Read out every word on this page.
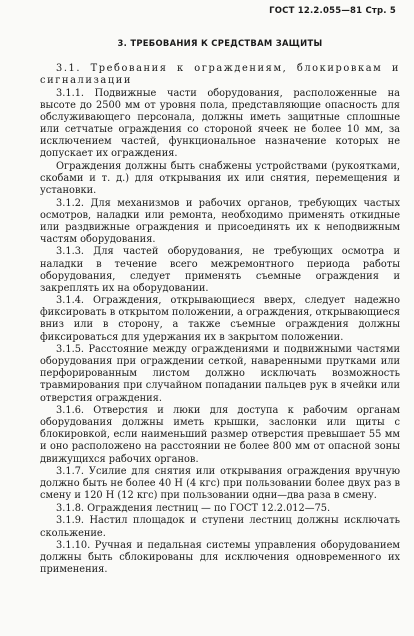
ГОСТ 12.2.055—81 Стр. 5
3. ТРЕБОВАНИЯ К СРЕДСТВАМ ЗАЩИТЫ

3.1. Требования к ограждениям, блокировкам и сигнализации

3.1.1. Подвижные части оборудования, расположенные на высоте до 2500 мм от уровня пола, представляющие опасность для обслуживающего персонала, должны иметь защитные сплошные или сетчатые ограждения со стороной ячеек не более 10 мм, за исключением частей, функциональное назначение которых не допускает их ограждения.

Ограждения должны быть снабжены устройствами (рукоятками, скобами и т. д.) для открывания их или снятия, перемещения и установки.

3.1.2. Для механизмов и рабочих органов, требующих частых осмотров, наладки или ремонта, необходимо применять откидные или раздвижные ограждения и присоединять их к неподвижным частям оборудования.

3.1.3. Для частей оборудования, не требующих осмотра и наладки в течение всего межремонтного периода работы оборудования, следует применять съемные ограждения и закреплять их на оборудовании.

3.1.4. Ограждения, открывающиеся вверх, следует надежно фиксировать в открытом положении, а ограждения, открывающиеся вниз или в сторону, а также съемные ограждения должны фиксироваться для удержания их в закрытом положении.

3.1.5. Расстояние между ограждениями и подвижными частями оборудования при ограждении сеткой, наваренными прутками или перфорированным листом должно исключать возможность травмирования при случайном попадании пальцев рук в ячейки или отверстия ограждения.

3.1.6. Отверстия и люки для доступа к рабочим органам оборудования должны иметь крышки, заслонки или щиты с блокировкой, если наименьший размер отверстия превышает 55 мм и оно расположено на расстоянии не более 800 мм от опасной зоны движущихся рабочих органов.

3.1.7. Усилие для снятия или открывания ограждения вручную должно быть не более 40 Н (4 кгс) при пользовании более двух раз в смену и 120 Н (12 кгс) при пользовании одни—два раза в смену.

3.1.8. Ограждения лестниц — по ГОСТ 12.2.012—75.

3.1.9. Настил площадок и ступени лестниц должны исключать скольжение.

3.1.10. Ручная и педальная системы управления оборудованием должны быть сблокированы для исключения одновременного их применения.
